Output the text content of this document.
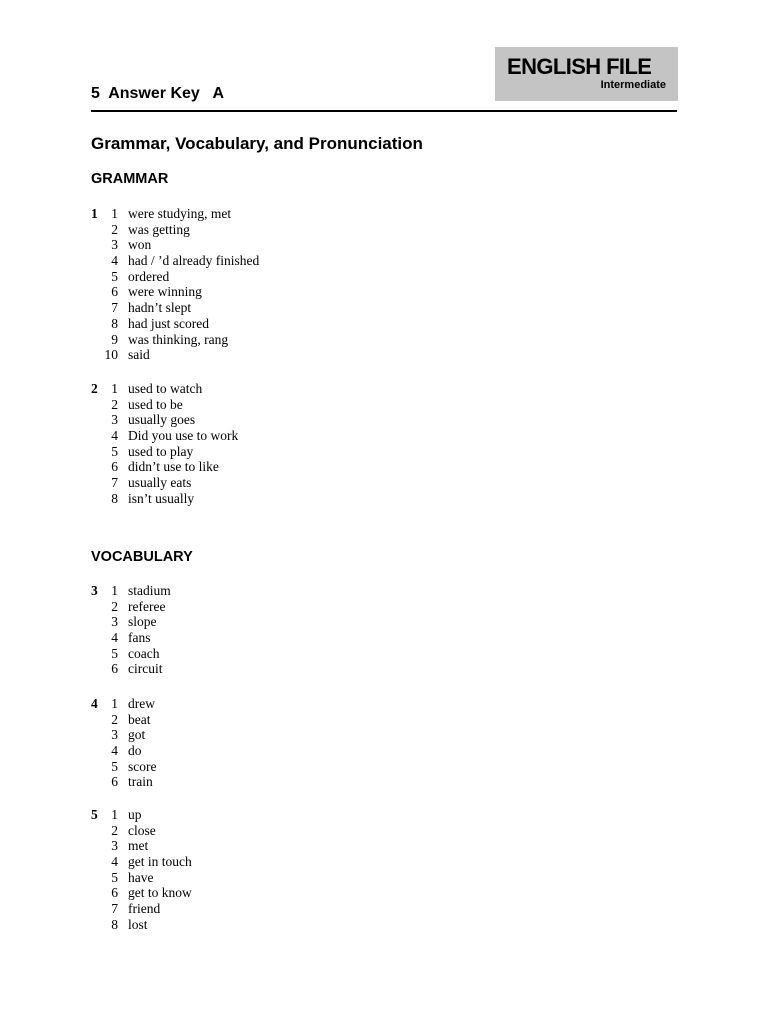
ENGLISH FILE
Intermediate
5  Answer Key   A
Grammar, Vocabulary, and Pronunciation
GRAMMAR
1	1 were studying, met
2 was getting
3 won
4 had / ’d already finished
5 ordered
6 were winning
7 hadn’t slept
8 had just scored
9 was thinking, rang
10 said
2	1 used to watch
2 used to be
3 usually goes
4 Did you use to work
5 used to play
6 didn’t use to like
7 usually eats
8 isn’t usually
VOCABULARY
3	1 stadium
2 referee
3 slope
4 fans
5 coach
6 circuit
4	1 drew
2 beat
3 got
4 do
5 score
6 train
5	1 up
2 close
3 met
4 get in touch
5 have
6 get to know
7 friend
8 lost
